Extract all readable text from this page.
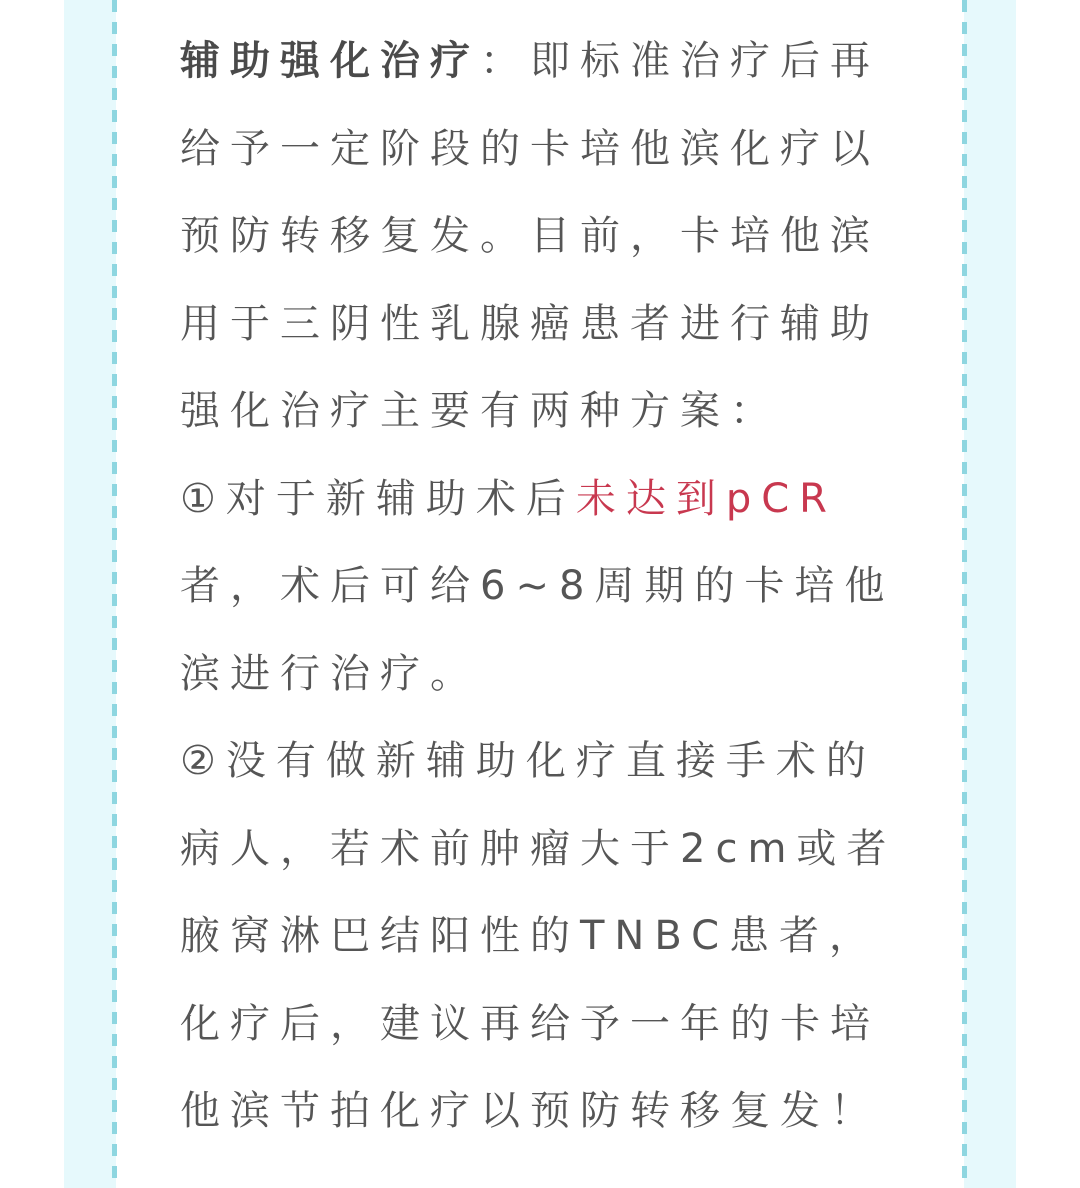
辅助强化治疗：即标准治疗后再
给予一定阶段的卡培他滨化疗以
预防转移复发。目前，卡培他滨
用于三阴性乳腺癌患者进行辅助
强化治疗主要有两种方案：
①对于新辅助术后未达到pCR
者，术后可给6~8周期的卡培他
滨进行治疗。
②没有做新辅助化疗直接手术的
病人，若术前肿瘤大于2cm或者
腋窝淋巴结阳性的TNBC患者，
化疗后，建议再给予一年的卡培
他滨节拍化疗以预防转移复发！
